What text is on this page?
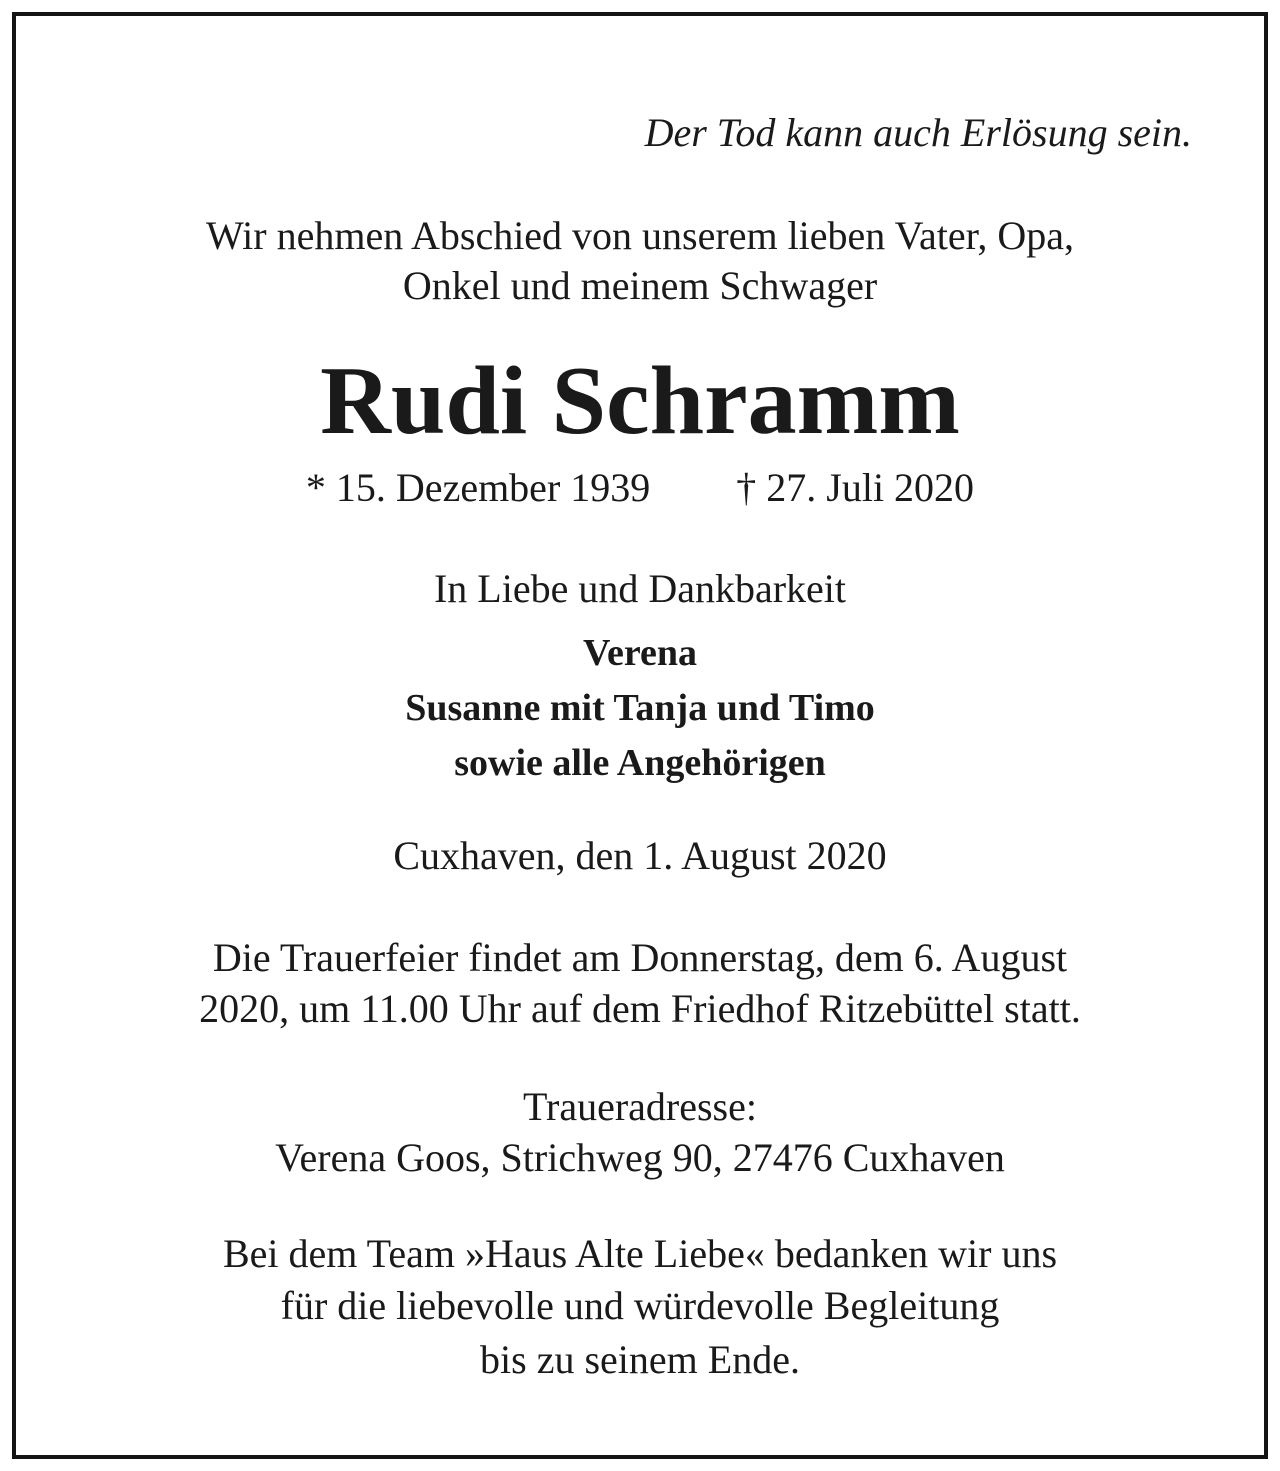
Der Tod kann auch Erlösung sein.
Wir nehmen Abschied von unserem lieben Vater, Opa,
Onkel und meinem Schwager
Rudi Schramm
* 15. Dezember 1939 † 27. Juli 2020
In Liebe und Dankbarkeit
Verena
Susanne mit Tanja und Timo
sowie alle Angehörigen
Cuxhaven, den 1. August 2020
Die Trauerfeier findet am Donnerstag, dem 6. August
2020, um 11.00 Uhr auf dem Friedhof Ritzebüttel statt.
Traueradresse:
Verena Goos, Strichweg 90, 27476 Cuxhaven
Bei dem Team »Haus Alte Liebe« bedanken wir uns
für die liebevolle und würdevolle Begleitung
bis zu seinem Ende.
